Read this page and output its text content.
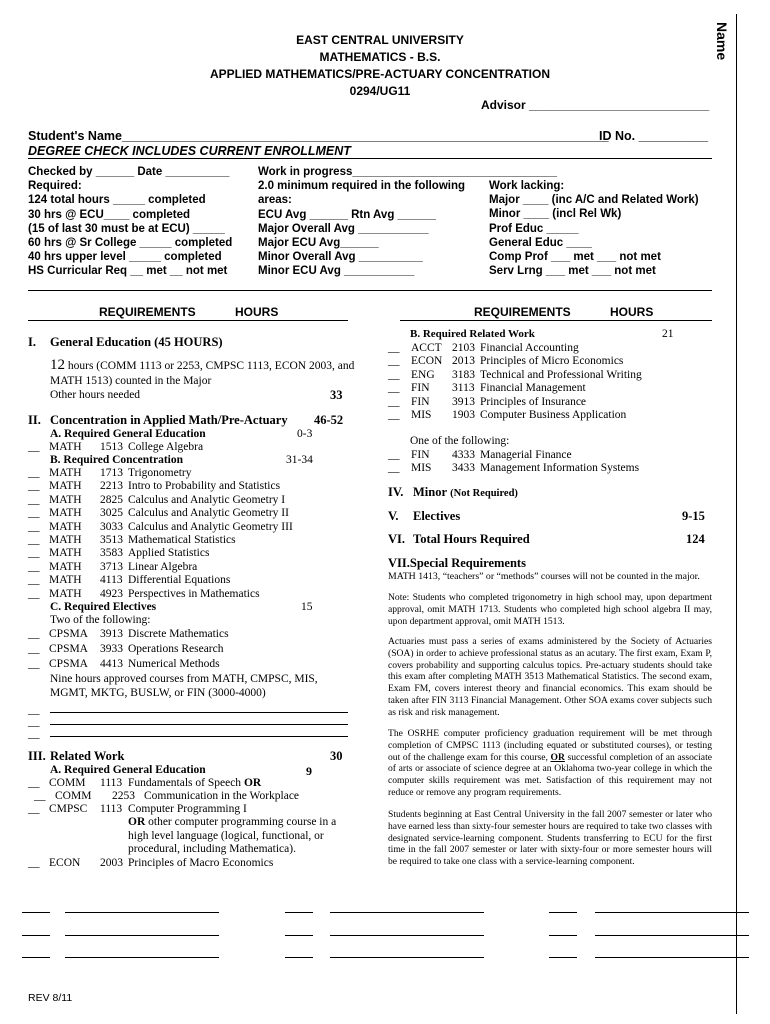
Name
EAST CENTRAL UNIVERSITY
MATHEMATICS - B.S.
APPLIED MATHEMATICS/PRE-ACTUARY CONCENTRATION
0294/UG11
Advisor ___________________________
Student's Name______________________________________________________________________
ID No. __________
DEGREE CHECK INCLUDES CURRENT ENROLLMENT
Checked by ______ Date __________
Required:
124 total hours _____ completed
30 hrs @ ECU____ completed
(15 of last 30 must be at ECU) _____
60 hrs @ Sr College _____ completed
40 hrs upper level _____ completed
HS Curricular Req __ met __ not met
Work in progress________________________________
2.0 minimum required in the following
areas:
ECU Avg ______ Rtn Avg ______
Major Overall Avg ___________
Major ECU Avg______
Minor Overall Avg __________
Minor ECU Avg ___________
Work lacking:
Major ____ (inc A/C and Related Work)
Minor ____ (incl Rel Wk)
Prof Educ _____
General Educ ____
Comp Prof ___ met ___ not met
Serv Lrng ___ met ___ not met
REQUIREMENTS	HOURS	REQUIREMENTS	HOURS
I. General Education (45 HOURS)
12 hours (COMM 1113 or 2253, CMPSC 1113, ECON 2003, and
MATH 1513) counted in the Major
Other hours needed	33
II. Concentration in Applied Math/Pre-Actuary 46-52
A. Required General Education	0-3
__ MATH 1513 College Algebra
B. Required Concentration	31-34
__ MATH 1713 Trigonometry
__ MATH 2213 Intro to Probability and Statistics
__ MATH 2825 Calculus and Analytic Geometry I
__ MATH 3025 Calculus and Analytic Geometry II
__ MATH 3033 Calculus and Analytic Geometry III
__ MATH 3513 Mathematical Statistics
__ MATH 3583 Applied Statistics
__ MATH 3713 Linear Algebra
__ MATH 4113 Differential Equations
__ MATH 4923 Perspectives in Mathematics
C. Required Electives	15
Two of the following:
__ CPSMA 3913 Discrete Mathematics
__ CPSMA 3933 Operations Research
__ CPSMA 4413 Numerical Methods
Nine hours approved courses from MATH, CMPSC, MIS,
MGMT, MKTG, BUSLW, or FIN (3000-4000)
__
__
__
III. Related Work	30
A. Required General Education	9
__ COMM 1113 Fundamentals of Speech OR
__ COMM 2253 Communication in the Workplace
__ CMPSC 1113 Computer Programming I
OR other computer programming course in a
high level language (logical, functional, or
procedural, including Mathematica).
__ ECON 2003 Principles of Macro Economics
B. Required Related Work	21
__ ACCT 2103 Financial Accounting
__ ECON 2013 Principles of Micro Economics
__ ENG 3183 Technical and Professional Writing
__ FIN 3113 Financial Management
__ FIN 3913 Principles of Insurance
__ MIS 1903 Computer Business Application
One of the following:
__ FIN 4333 Managerial Finance
__ MIS 3433 Management Information Systems
IV. Minor (Not Required)
V. Electives	9-15
VI. Total Hours Required	124
VII.Special Requirements
MATH 1413, “teachers” or “methods” courses will not be counted in the major.
Note: Students who completed trigonometry in high school may, upon department approval, omit MATH 1713. Students who completed high school algebra II may, upon department approval, omit MATH 1513.
Actuaries must pass a series of exams administered by the Society of Actuaries (SOA) in order to achieve professional status as an acutary. The first exam, Exam P, covers probability and supporting calculus topics. Pre-actuary students should take this exam after completing MATH 3513 Mathematical Statistics. The second exam, Exam FM, covers interest theory and financial economics. This exam should be taken after FIN 3113 Financial Management. Other SOA exams cover subjects such as risk and risk management.
The OSRHE computer proficiency graduation requirement will be met through completion of CMPSC 1113 (including equated or substituted courses), or testing out of the challenge exam for this course, OR successful completion of an associate of arts or associate of science degree at an Oklahoma two-year college in which the computer skills requirement was met. Satisfaction of this requirement may not reduce or remove any program requirements.
Students beginning at East Central University in the fall 2007 semester or later who have earned less than sixty-four semester hours are required to take two classes with designated service-learning component. Students transferring to ECU for the first time in the fall 2007 semester or later with sixty-four or more semester hours will be required to take one class with a service-learning component.
REV 8/11
